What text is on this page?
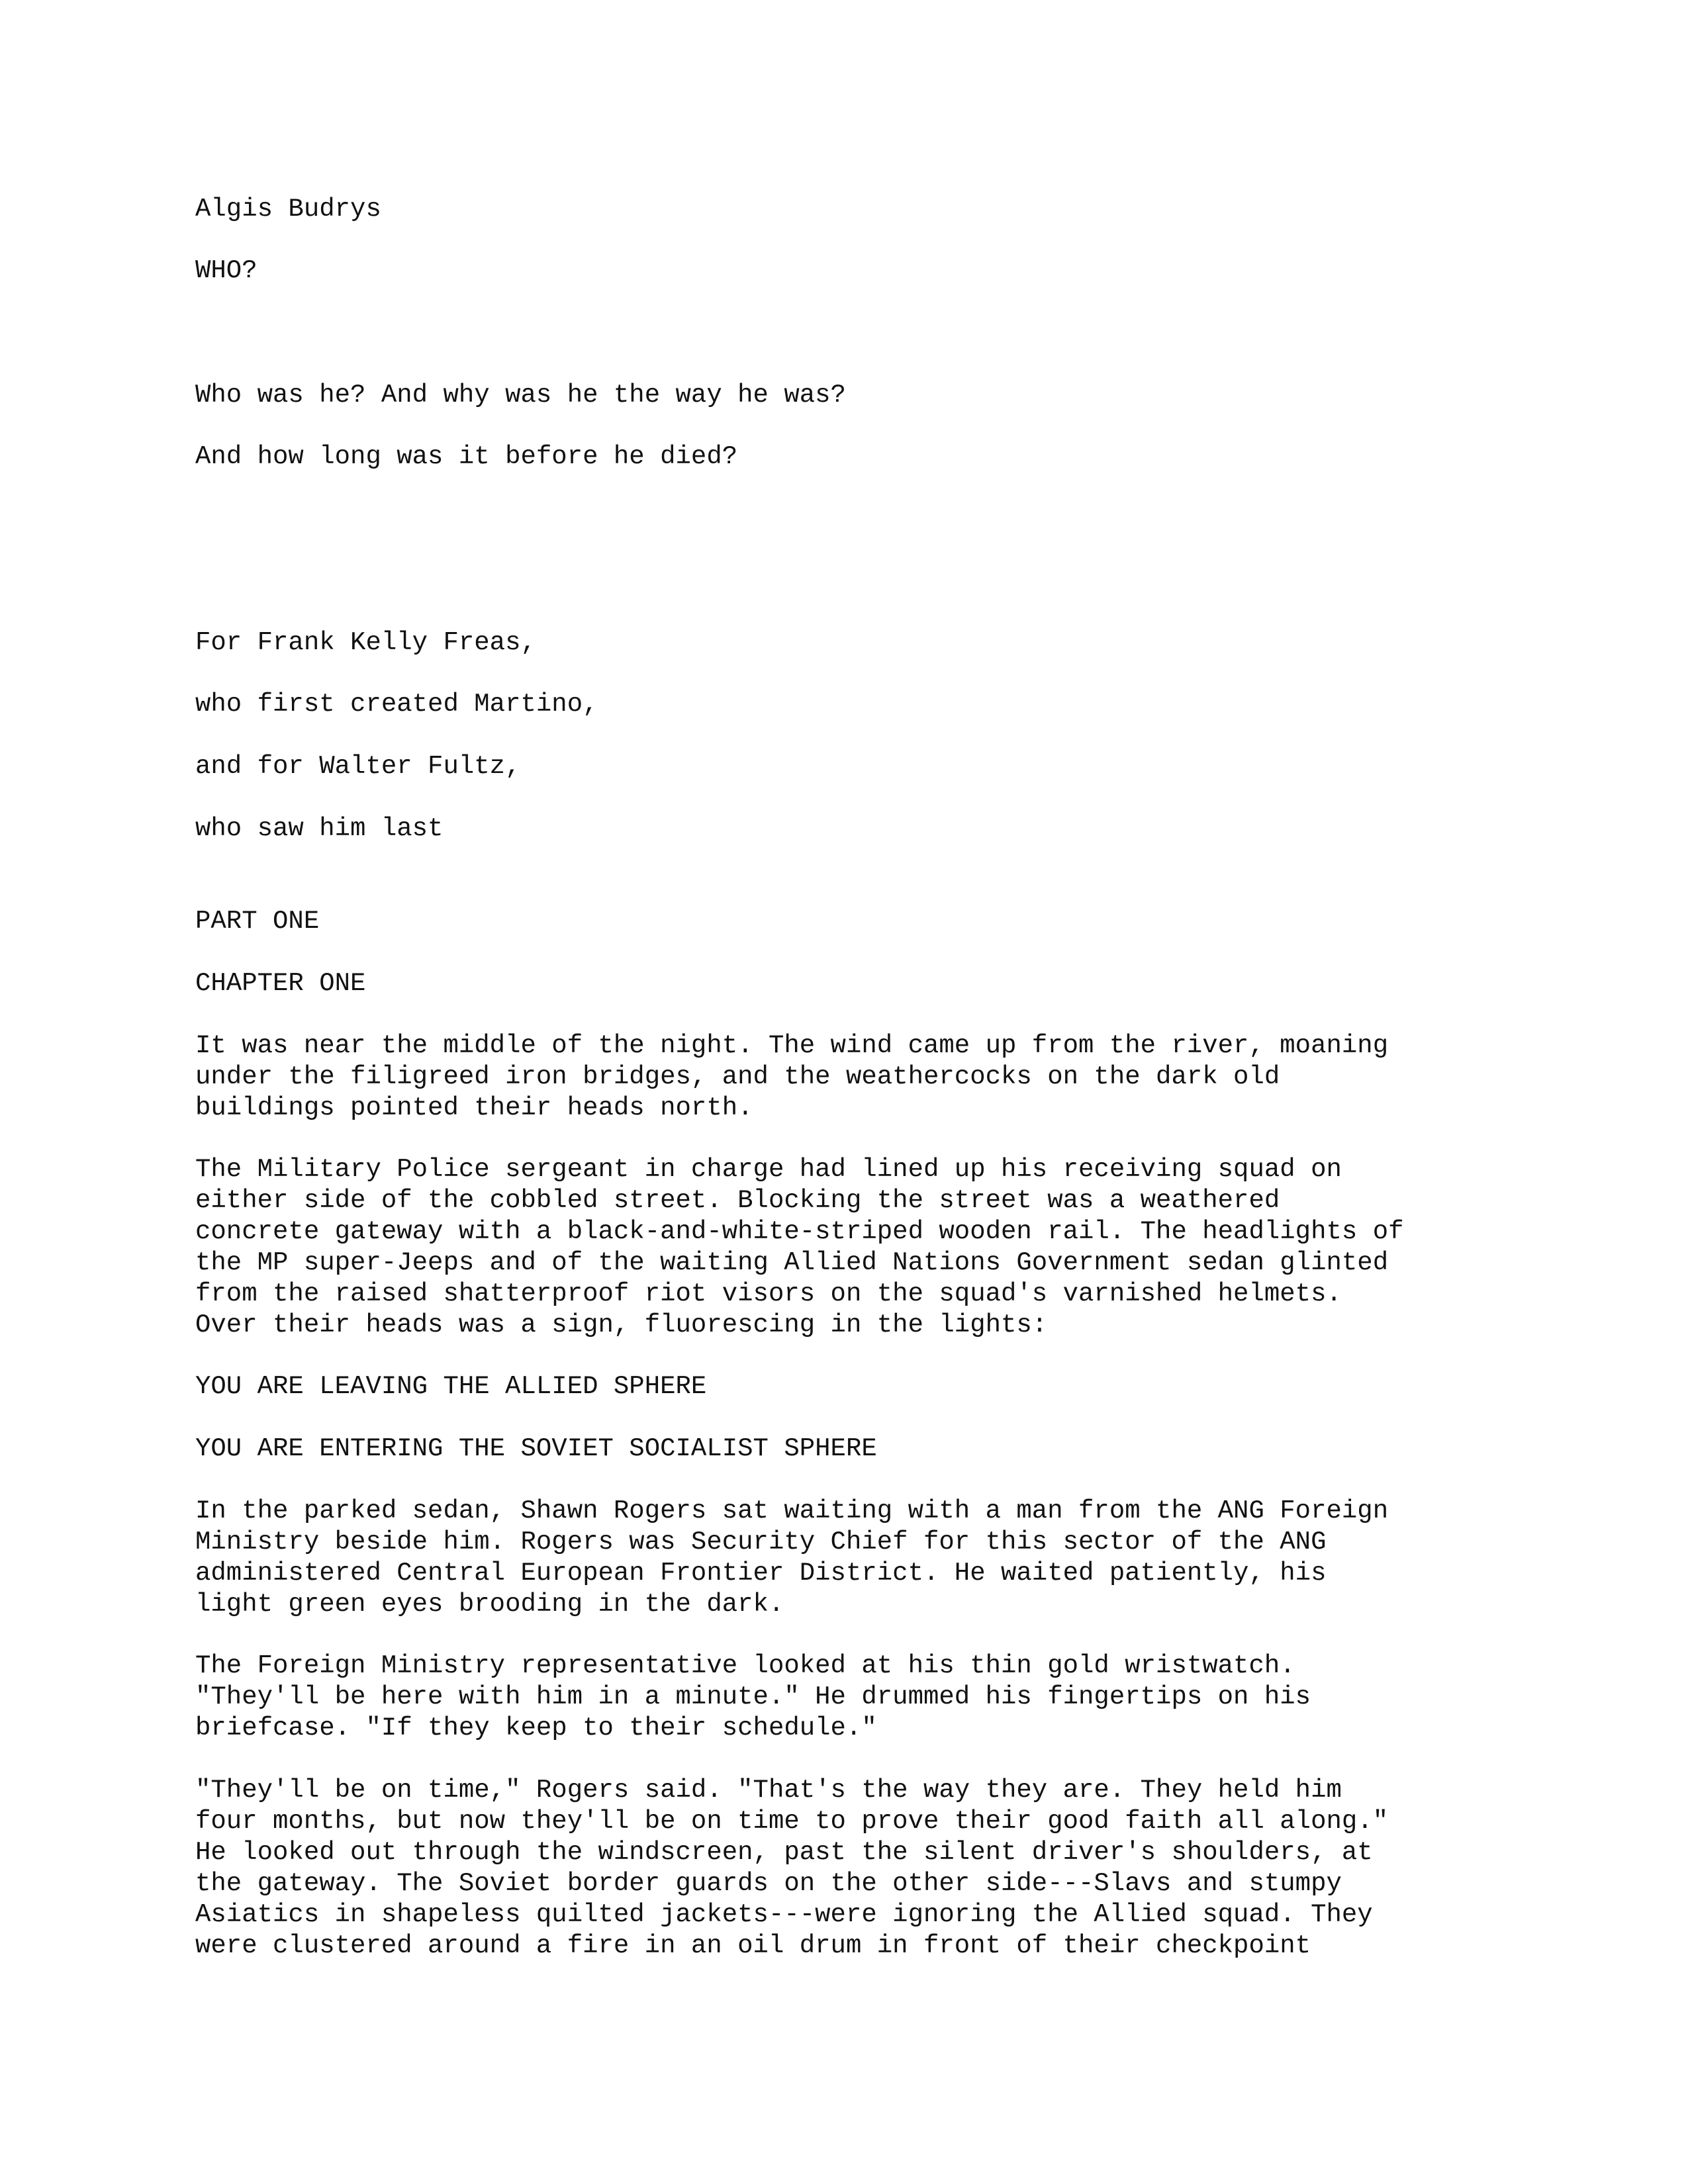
Algis Budrys

WHO?

Who was he? And why was he the way he was?

And how long was it before he died?

For Frank Kelly Freas,

who first created Martino,

and for Walter Fultz,

who saw him last

PART ONE

CHAPTER ONE

It was near the middle of the night. The wind came up from the river, moaning
under the filigreed iron bridges, and the weathercocks on the dark old
buildings pointed their heads north.

The Military Police sergeant in charge had lined up his receiving squad on
either side of the cobbled street. Blocking the street was a weathered
concrete gateway with a black-and-white-striped wooden rail. The headlights of
the MP super-Jeeps and of the waiting Allied Nations Government sedan glinted
from the raised shatterproof riot visors on the squad's varnished helmets.
Over their heads was a sign, fluorescing in the lights:

YOU ARE LEAVING THE ALLIED SPHERE

YOU ARE ENTERING THE SOVIET SOCIALIST SPHERE

In the parked sedan, Shawn Rogers sat waiting with a man from the ANG Foreign
Ministry beside him. Rogers was Security Chief for this sector of the ANG
administered Central European Frontier District. He waited patiently, his
light green eyes brooding in the dark.

The Foreign Ministry representative looked at his thin gold wristwatch.
"They'll be here with him in a minute." He drummed his fingertips on his
briefcase. "If they keep to their schedule."

"They'll be on time," Rogers said. "That's the way they are. They held him
four months, but now they'll be on time to prove their good faith all along."
He looked out through the windscreen, past the silent driver's shoulders, at
the gateway. The Soviet border guards on the other side---Slavs and stumpy
Asiatics in shapeless quilted jackets---were ignoring the Allied squad. They
were clustered around a fire in an oil drum in front of their checkpoint
